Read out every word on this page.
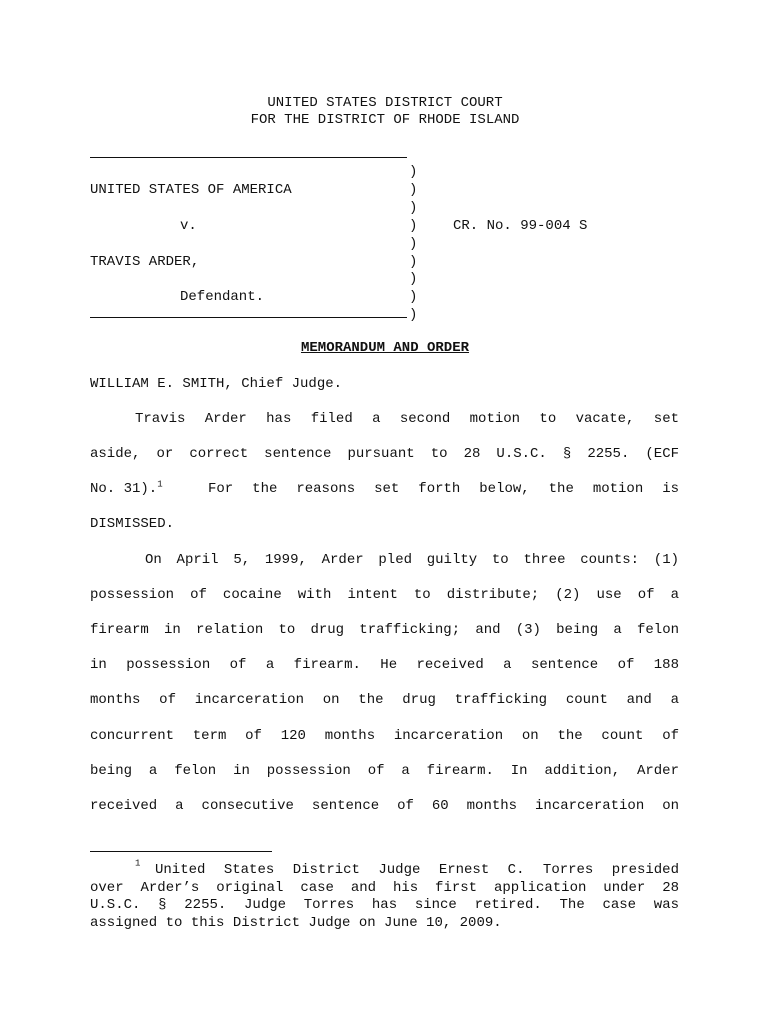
UNITED STATES DISTRICT COURT
FOR THE DISTRICT OF RHODE ISLAND
)
UNITED STATES OF AMERICA	)
)
v.	)	CR. No. 99-004 S
)
TRAVIS ARDER,	)
)
Defendant.	)
)
MEMORANDUM AND ORDER
WILLIAM E. SMITH, Chief Judge.
Travis Arder has filed a second motion to vacate, set
aside, or correct sentence pursuant to 28 U.S.C. § 2255. (ECF
No. 31).$^1$	For the reasons set forth below, the motion is
DISMISSED.
On April 5, 1999, Arder pled guilty to three counts: (1)
possession of cocaine with intent to distribute; (2) use of a
firearm in relation to drug trafficking; and (3) being a felon
in possession of a firearm. He received a sentence of 188
months of incarceration on the drug trafficking count and a
concurrent term of 120 months incarceration on the count of
being a felon in possession of a firearm. In addition, Arder
received a consecutive sentence of 60 months incarceration on
$^1$ United States District Judge Ernest C. Torres presided
over Arder’s original case and his first application under 28
U.S.C. § 2255. Judge Torres has since retired. The case was
assigned to this District Judge on June 10, 2009.
